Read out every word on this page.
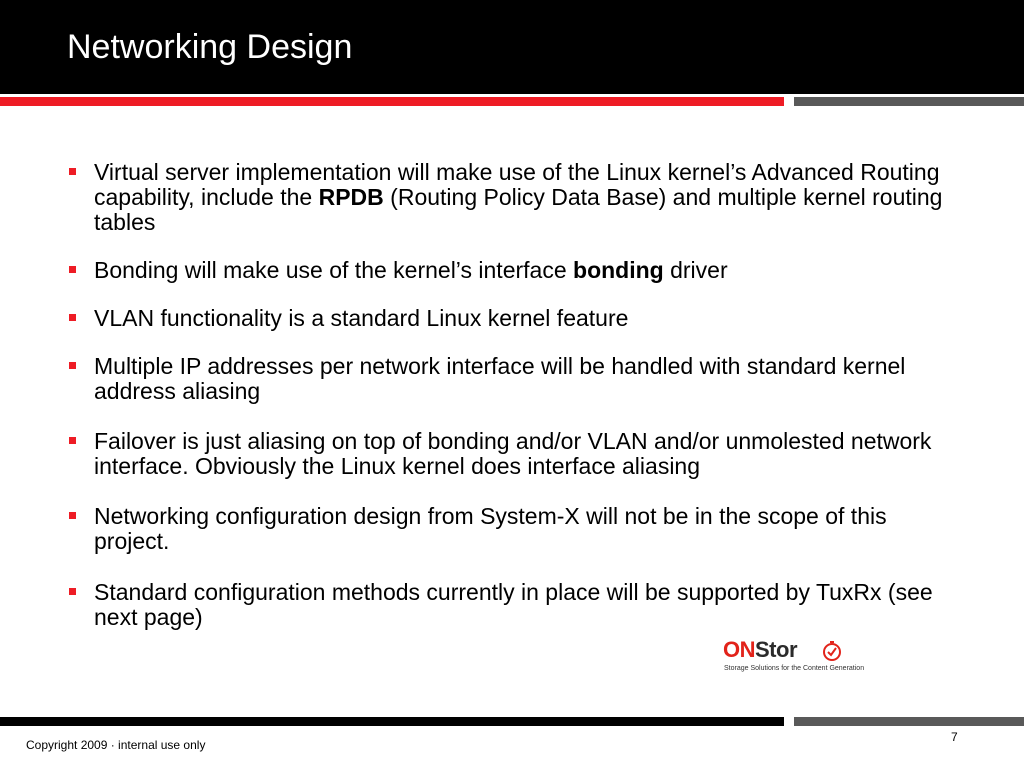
Networking Design
Virtual server implementation will make use of the Linux kernel’s Advanced Routing capability, include the RPDB (Routing Policy Data Base) and multiple kernel routing tables
Bonding will make use of the kernel’s interface bonding driver
VLAN functionality is a standard Linux kernel feature
Multiple IP addresses per network interface will be handled with standard kernel address aliasing
Failover is just aliasing on top of bonding and/or VLAN and/or unmolested network interface. Obviously the Linux kernel does interface aliasing
Networking configuration design from System-X will not be in the scope of this project.
Standard configuration methods currently in place will be supported by TuxRx (see next page)
ONStor
Storage Solutions for the Content Generation
Copyright 2009 · internal use only
7
